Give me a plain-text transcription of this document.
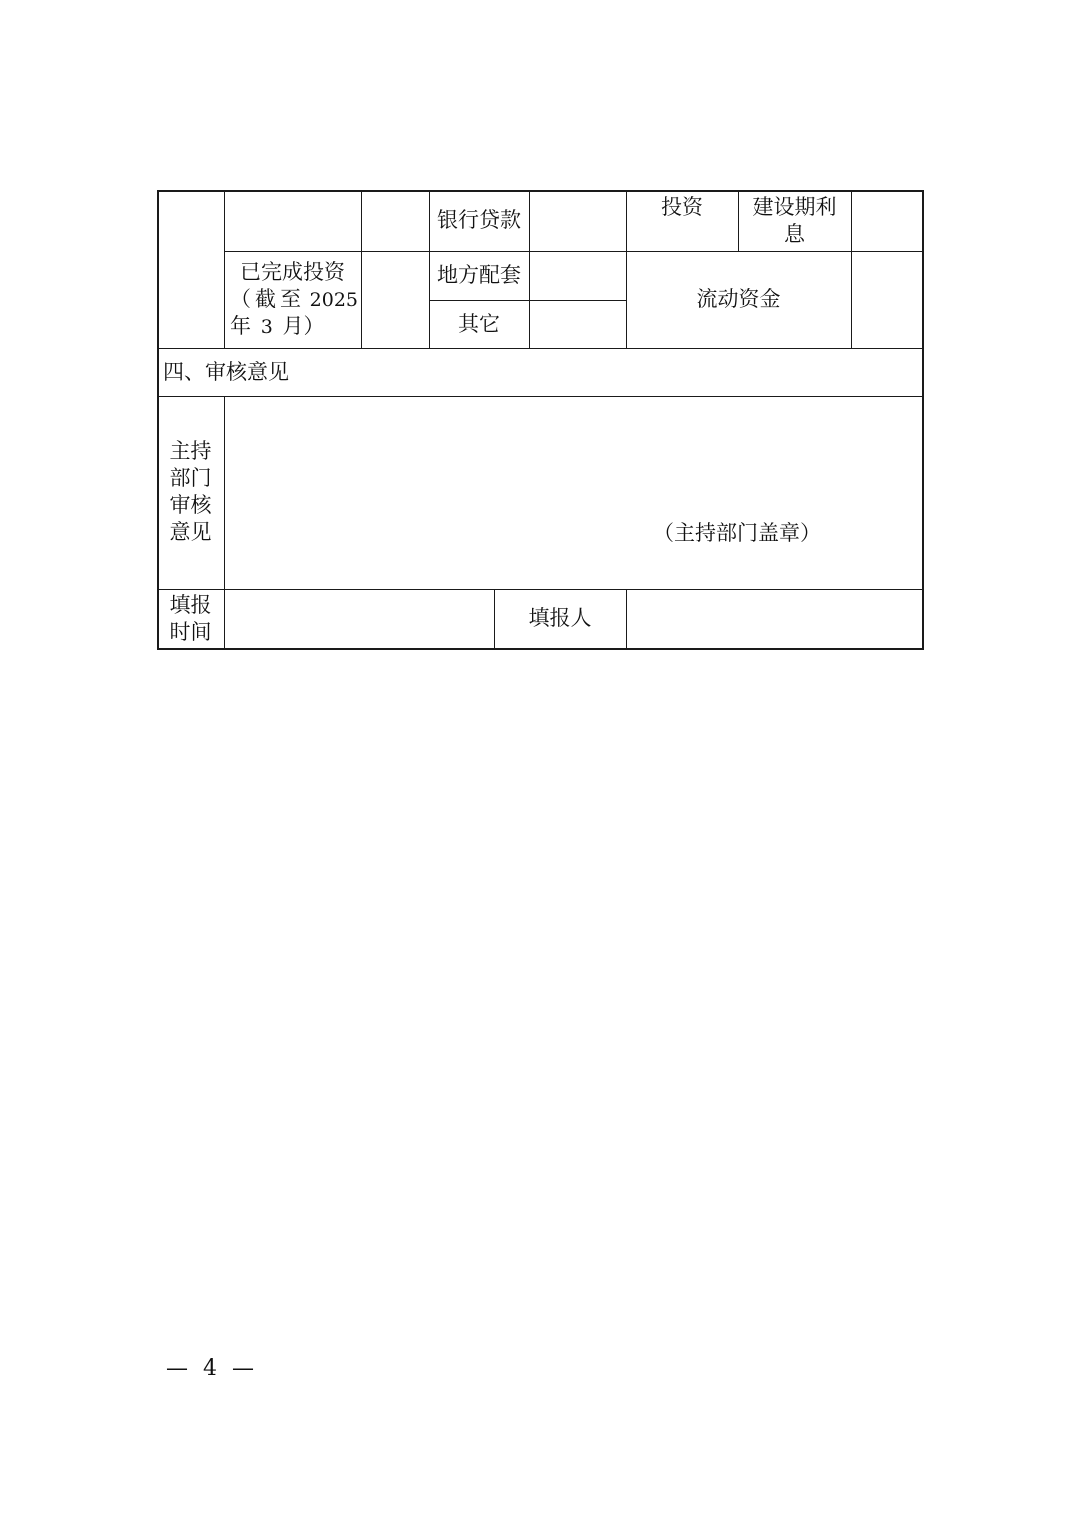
银行贷款
投资	建设期利
息
已完成投资
（截至 2025
年 3 月）
地方配套
其它
流动资金
四、审核意见
主持
部门
审核
意见	（主持部门盖章）
填报
时间
填报人
— 4 —
